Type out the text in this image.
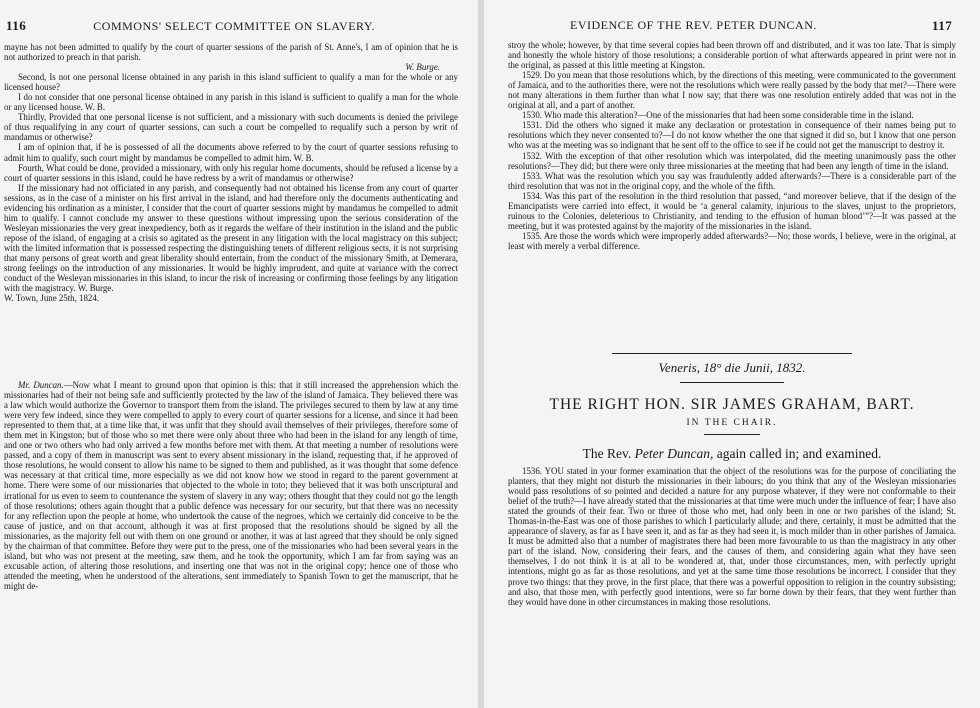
116	COMMONS' SELECT COMMITTEE ON SLAVERY.

mayne has not been admitted to qualify by the court of quarter sessions of the parish of St. Anne's, I am of opinion that he is not authorized to preach in that parish.

W. Burge.

Second, Is not one personal license obtained in any parish in this island sufficient to qualify a man for the whole or any licensed house?

I do not consider that one personal license obtained in any parish in this island is sufficient to qualify a man for the whole or any licensed house. W. B.

Thirdly, Provided that one personal license is not sufficient, and a missionary with such documents is denied the privilege of thus requalifying in any court of quarter sessions, can such a court be compelled to requalify such a person by writ of mandamus or otherwise?

I am of opinion that, if he is possessed of all the documents above referred to by the court of quarter sessions refusing to admit him to qualify, such court might by mandamus be compelled to admit him. W. B.

Fourth, What could be done, provided a missionary, with only his regular home documents, should be refused a license by a court of quarter sessions in this island, could he have redress by a writ of mandamus or otherwise?

If the missionary had not officiated in any parish, and consequently had not obtained his license from any court of quarter sessions, as in the case of a minister on his first arrival in the island, and had therefore only the documents authenticating and evidencing his ordination as a minister, I consider that the court of quarter sessions might by mandamus be compelled to admit him to qualify. I cannot conclude my answer to these questions without impressing upon the serious consideration of the Wesleyan missionaries the very great inexpediency, both as it regards the welfare of their institution in the island and the public repose of the island, of engaging at a crisis so agitated as the present in any litigation with the local magistracy on this subject; with the limited information that is possessed respecting the distinguishing tenets of different religious sects, it is not surprising that many persons of great worth and great liberality should entertain, from the conduct of the missionary Smith, at Demerara, strong feelings on the introduction of any missionaries. It would be highly imprudent, and quite at variance with the correct conduct of the Wesleyan missionaries in this island, to incur the risk of increasing or confirming those feelings by any litigation with the magistracy. W. Burge.

W. Town, June 25th, 1824.

Mr. Duncan.—Now what I meant to ground upon that opinion is this: that it still increased the apprehension which the missionaries had of their not being safe and sufficiently protected by the law of the island of Jamaica. They believed there was a law which would authorize the Governor to transport them from the island. The privileges secured to them by law at any time were very few indeed, since they were compelled to apply to every court of quarter sessions for a license, and since it had been represented to them that, at a time like that, it was unfit that they should avail themselves of their privileges, therefore some of them met in Kingston; but of those who so met there were only about three who had been in the island for any length of time, and one or two others who had only arrived a few months before met with them. At that meeting a number of resolutions were passed, and a copy of them in manuscript was sent to every absent missionary in the island, requesting that, if he approved of those resolutions, he would consent to allow his name to be signed to them and published, as it was thought that some defence was necessary at that critical time, more especially as we did not know how we stood in regard to the parent government at home. There were some of our missionaries that objected to the whole in toto; they believed that it was both unscriptural and irrational for us even to seem to countenance the system of slavery in any way; others thought that they could not go the length of those resolutions; others again thought that a public defence was necessary for our security, but that there was no necessity for any reflection upon the people at home, who undertook the cause of the negroes, which we certainly did conceive to be the cause of justice, and on that account, although it was at first proposed that the resolutions should be signed by all the missionaries, as the majority fell out with them on one ground or another, it was at last agreed that they should be only signed by the chairman of that committee. Before they were put to the press, one of the missionaries who had been several years in the island, but who was not present at the meeting, saw them, and he took the opportunity, which I am far from saying was an excusable action, of altering those resolutions, and inserting one that was not in the original copy; hence one of those who attended the meeting, when he understood of the alterations, sent immediately to Spanish Town to get the manuscript, that he might de-

EVIDENCE OF THE REV. PETER DUNCAN.	117

stroy the whole; however, by that time several copies had been thrown off and distributed, and it was too late. That is simply and honestly the whole history of those resolutions; a considerable portion of what afterwards appeared in print were not in the original, as passed at this little meeting at Kingston.

1529. Do you mean that those resolutions which, by the directions of this meeting, were communicated to the government of Jamaica, and to the authorities there, were not the resolutions which were really passed by the body that met?—There were not many alterations in them further than what I now say; that there was one resolution entirely added that was not in the original at all, and a part of another.

1530. Who made this alteration?—One of the missionaries that had been some considerable time in the island.

1531. Did the others who signed it make any declaration or protestation in consequence of their names being put to resolutions which they never consented to?—I do not know whether the one that signed it did so, but I know that one person who was at the meeting was so indignant that he sent off to the office to see if he could not get the manuscript to destroy it.

1532. With the exception of that other resolution which was interpolated, did the meeting unanimously pass the other resolutions?—They did; but there were only three missionaries at the meeting that had been any length of time in the island.

1533. What was the resolution which you say was fraudulently added afterwards?—There is a considerable part of the third resolution that was not in the original copy, and the whole of the fifth.

1534. Was this part of the resolution in the third resolution that passed, “and moreover believe, that if the design of the Emancipatists were carried into effect, it would be ‘a general calamity, injurious to the slaves, unjust to the proprietors, ruinous to the Colonies, deleterious to Christianity, and tending to the effusion of human blood’”?—It was passed at the meeting, but it was protested against by the majority of the missionaries in the island.

1535. Are those the words which were improperly added afterwards?—No; those words, I believe, were in the original, at least with merely a verbal difference.

Veneris, 18° die Junii, 1832.
THE RIGHT HON. SIR JAMES GRAHAM, BART.
IN THE CHAIR.
The Rev. Peter Duncan, again called in; and examined.

1536. YOU stated in your former examination that the object of the resolutions was for the purpose of conciliating the planters, that they might not disturb the missionaries in their labours; do you think that any of the Wesleyan missionaries would pass resolutions of so pointed and decided a nature for any purpose whatever, if they were not conformable to their belief of the truth?—I have already stated that the missionaries at that time were much under the influence of fear; I have also stated the grounds of their fear. Two or three of those who met, had only been in one or two parishes of the island; St. Thomas-in-the-East was one of those parishes to which I particularly allude; and there, certainly, it must be admitted that the appearance of slavery, as far as I have seen it, and as far as they had seen it, is much milder than in other parishes of Jamaica. It must be admitted also that a number of magistrates there had been more favourable to us than the magistracy in any other part of the island. Now, considering their fears, and the causes of them, and considering again what they have seen themselves, I do not think it is at all to be wondered at, that, under those circumstances, men, with perfectly upright intentions, might go as far as those resolutions, and yet at the same time those resolutions be incorrect. I consider that they prove two things: that they prove, in the first place, that there was a powerful opposition to religion in the country subsisting; and also, that those men, with perfectly good intentions, were so far borne down by their fears, that they went further than they would have done in other circumstances in making those resolutions.
